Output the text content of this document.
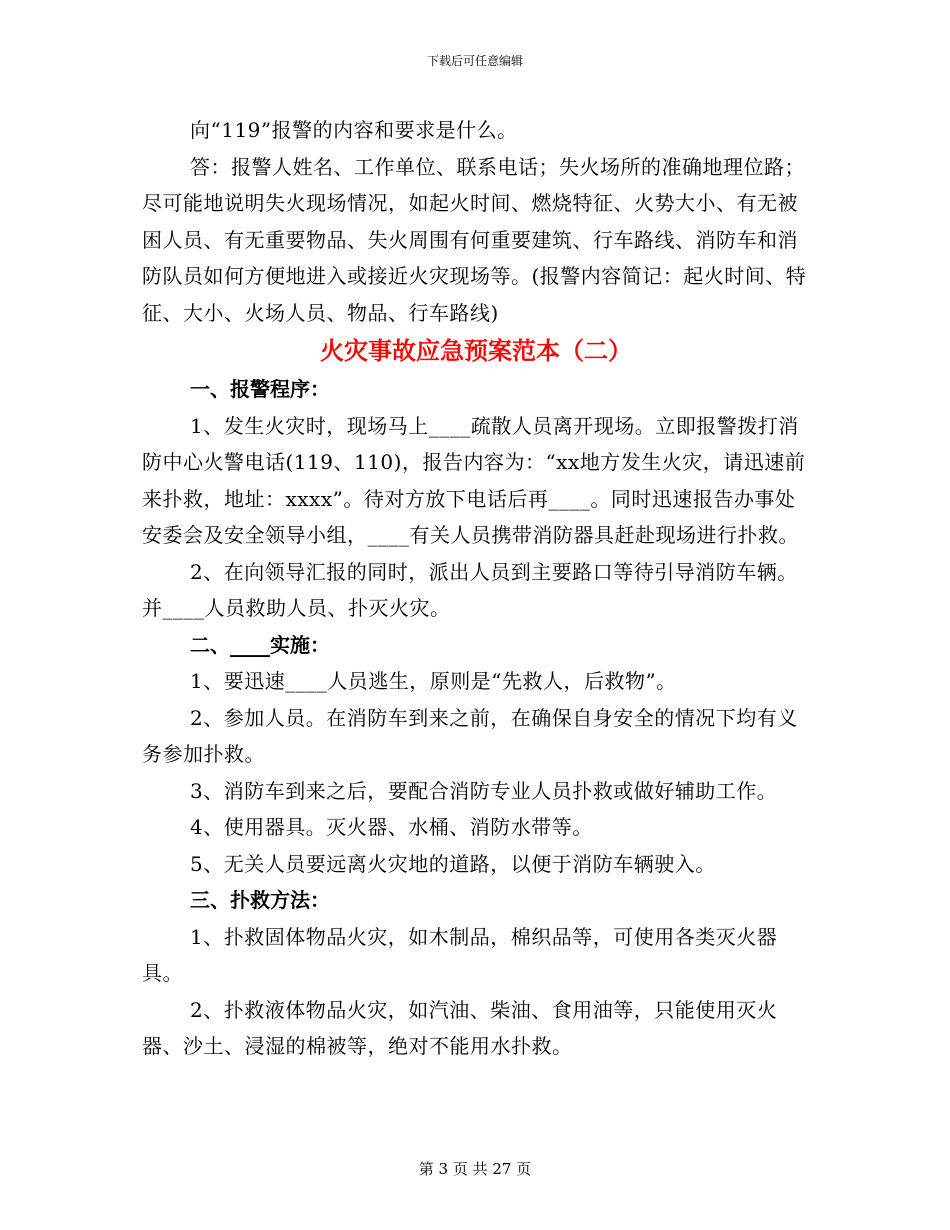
下载后可任意编辑

向“119”报警的内容和要求是什么。

答：报警人姓名、工作单位、联系电话；失火场所的准确地理位路；尽可能地说明失火现场情况，如起火时间、燃烧特征、火势大小、有无被困人员、有无重要物品、失火周围有何重要建筑、行车路线、消防车和消防队员如何方便地进入或接近火灾现场等。(报警内容简记：起火时间、特征、大小、火场人员、物品、行车路线)

火灾事故应急预案范本（二）

一、报警程序：

1、发生火灾时，现场马上____疏散人员离开现场。立即报警拨打消防中心火警电话(119、110)，报告内容为：“xx地方发生火灾，请迅速前来扑救，地址：xxxx”。待对方放下电话后再____。同时迅速报告办事处安委会及安全领导小组，____有关人员携带消防器具赶赴现场进行扑救。

2、在向领导汇报的同时，派出人员到主要路口等待引导消防车辆。并____人员救助人员、扑灭火灾。

二、____实施：

1、要迅速____人员逃生，原则是“先救人，后救物”。

2、参加人员。在消防车到来之前，在确保自身安全的情况下均有义务参加扑救。

3、消防车到来之后，要配合消防专业人员扑救或做好辅助工作。

4、使用器具。灭火器、水桶、消防水带等。

5、无关人员要远离火灾地的道路，以便于消防车辆驶入。

三、扑救方法：

1、扑救固体物品火灾，如木制品，棉织品等，可使用各类灭火器具。

2、扑救液体物品火灾，如汽油、柴油、食用油等，只能使用灭火器、沙土、浸湿的棉被等，绝对不能用水扑救。

第 3 页 共 27 页
